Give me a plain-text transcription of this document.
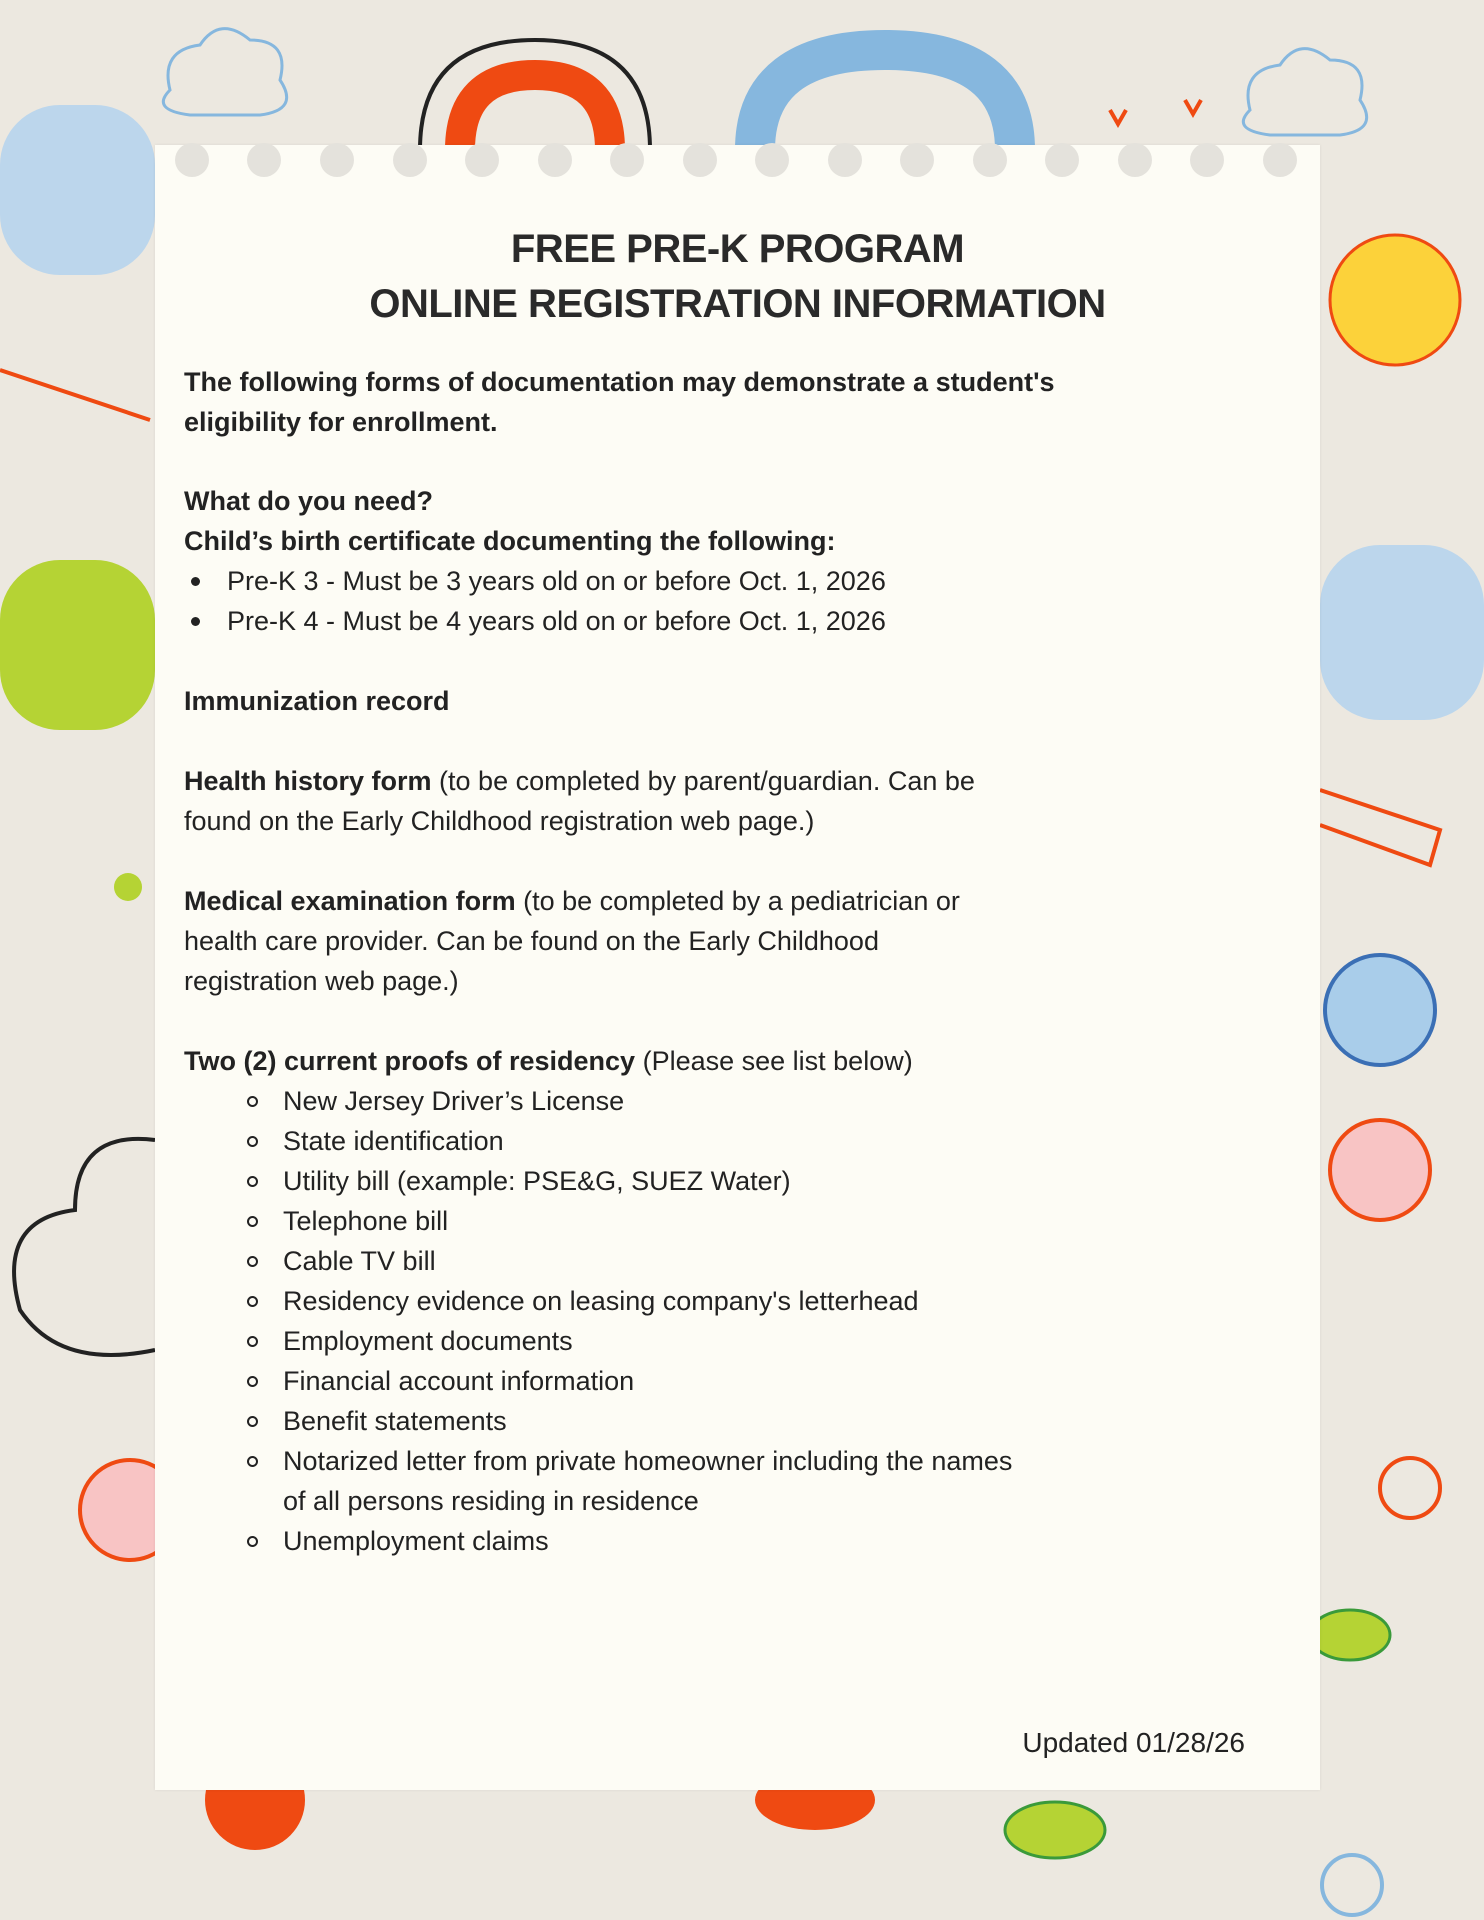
FREE PRE-K PROGRAM
ONLINE REGISTRATION INFORMATION
The following forms of documentation may demonstrate a student's
eligibility for enrollment.
What do you need?
Child’s birth certificate documenting the following:
Pre-K 3 - Must be 3 years old on or before Oct. 1, 2026
Pre-K 4 - Must be 4 years old on or before Oct. 1, 2026
Immunization record
Health history form (to be completed by parent/guardian. Can be
found on the Early Childhood registration web page.)
Medical examination form (to be completed by a pediatrician or
health care provider. Can be found on the Early Childhood
registration web page.)
Two (2) current proofs of residency (Please see list below)
New Jersey Driver’s License
State identification
Utility bill (example: PSE&G, SUEZ Water)
Telephone bill
Cable TV bill
Residency evidence on leasing company's letterhead
Employment documents
Financial account information
Benefit statements
Notarized letter from private homeowner including the names
of all persons residing in residence
Unemployment claims
Updated 01/28/26
